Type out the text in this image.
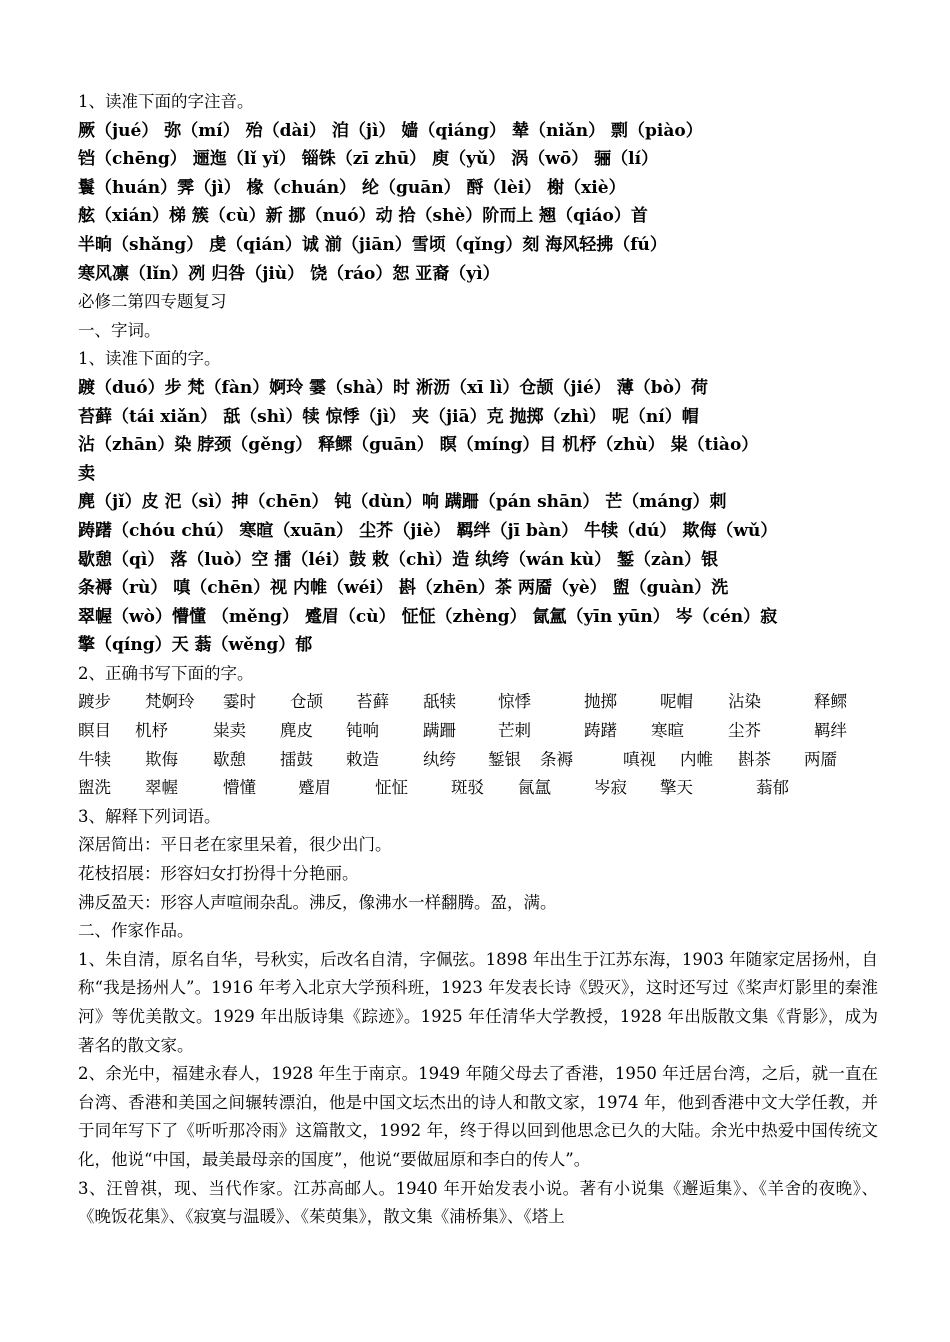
1、读准下面的字注音。
厥（jué） 弥（mí） 殆（dài） 洎（jì） 嫱（qiáng） 辇（niǎn） 剽（piào）
铛（chēng） 逦迤（lǐ yǐ） 锱铢（zī zhū） 庾（yǔ） 涡（wō） 骊（lí）
鬟（huán）霁（jì） 椽（chuán） 纶（guān） 酹（lèi） 榭（xiè）
舷（xián）梯 簇（cù）新 挪（nuó）动 拾（shè）阶而上 翘（qiáo）首
半晌（shǎng） 虔（qián）诚 湔（jiān）雪顷（qǐng）刻 海风轻拂（fú）
寒风凛（lǐn）冽 归咎（jiù） 饶（ráo）恕 亚裔（yì）
必修二第四专题复习
一、字词。
1、读准下面的字。
踱（duó）步 梵（fàn）婀玲 霎（shà）时 淅沥（xī lì）仓颉（jié） 薄（bò）荷
苔藓（tái xiǎn） 舐（shì）犊 惊悸（jì） 夹（jiā）克 抛掷（zhì） 呢（ní）帽
沾（zhān）染 脖颈（gěng） 释鳏（guān） 瞑（míng）目 机杼（zhù） 粜（tiào）
卖
麂（jǐ）皮 汜（sì）抻（chēn） 钝（dùn）响 蹒跚（pán shān） 芒（máng）刺
踌躇（chóu chú） 寒暄（xuān） 尘芥（jiè） 羁绊（jī bàn） 牛犊（dú） 欺侮（wǔ）
歇憩（qì） 落（luò）空 擂（léi）鼓 敕（chì）造 纨绔（wán kù） 錾（zàn）银
条褥（rù） 嗔（chēn）视 内帷（wéi） 斟（zhēn）茶 两靥（yè） 盥（guàn）洗
翠幄（wò）懵懂 （měng） 蹙眉（cù） 怔怔（zhèng） 氤氲（yīn yūn） 岑（cén）寂
擎（qíng）天 蓊（wěng）郁
2、正确书写下面的字。
踱步 梵婀玲 霎时 仓颉 苔藓 舐犊	惊悸	抛掷	呢帽 沾染	释鳏
瞑目 机杼	粜卖 麂皮 钝响	蹒跚	芒刺	踌躇 寒暄	尘芥	羁绊
牛犊 欺侮 歇憩 擂鼓 敕造	纨绔 錾银 条褥	嗔视 内帷 斟茶 两靥
盥洗 翠幄	懵懂	蹙眉	怔怔	斑驳 氤氲	岑寂 擎天	蓊郁
3、解释下列词语。
深居简出：平日老在家里呆着，很少出门。
花枝招展：形容妇女打扮得十分艳丽。
沸反盈天：形容人声喧闹杂乱。沸反，像沸水一样翻腾。盈，满。
二、作家作品。
1、朱自清，原名自华，号秋实，后改名自清，字佩弦。1898 年出生于江苏东海，1903 年随家定居扬州，自称“我是扬州人”。1916 年考入北京大学预科班，1923 年发表长诗《毁灭》，这时还写过《桨声灯影里的秦淮河》等优美散文。1929 年出版诗集《踪迹》。1925 年任清华大学教授，1928 年出版散文集《背影》，成为著名的散文家。
2、余光中，福建永春人，1928 年生于南京。1949 年随父母去了香港，1950 年迁居台湾，之后，就一直在台湾、香港和美国之间辗转漂泊，他是中国文坛杰出的诗人和散文家，1974 年，他到香港中文大学任教，并于同年写下了《听听那冷雨》这篇散文，1992 年，终于得以回到他思念已久的大陆。余光中热爱中国传统文化，他说“中国，最美最母亲的国度”，他说“要做屈原和李白的传人”。
3、汪曾祺，现、当代作家。江苏高邮人。1940 年开始发表小说。著有小说集《邂逅集》、《羊舍的夜晚》、《晚饭花集》、《寂寞与温暖》、《茱萸集》，散文集《浦桥集》、《塔上
